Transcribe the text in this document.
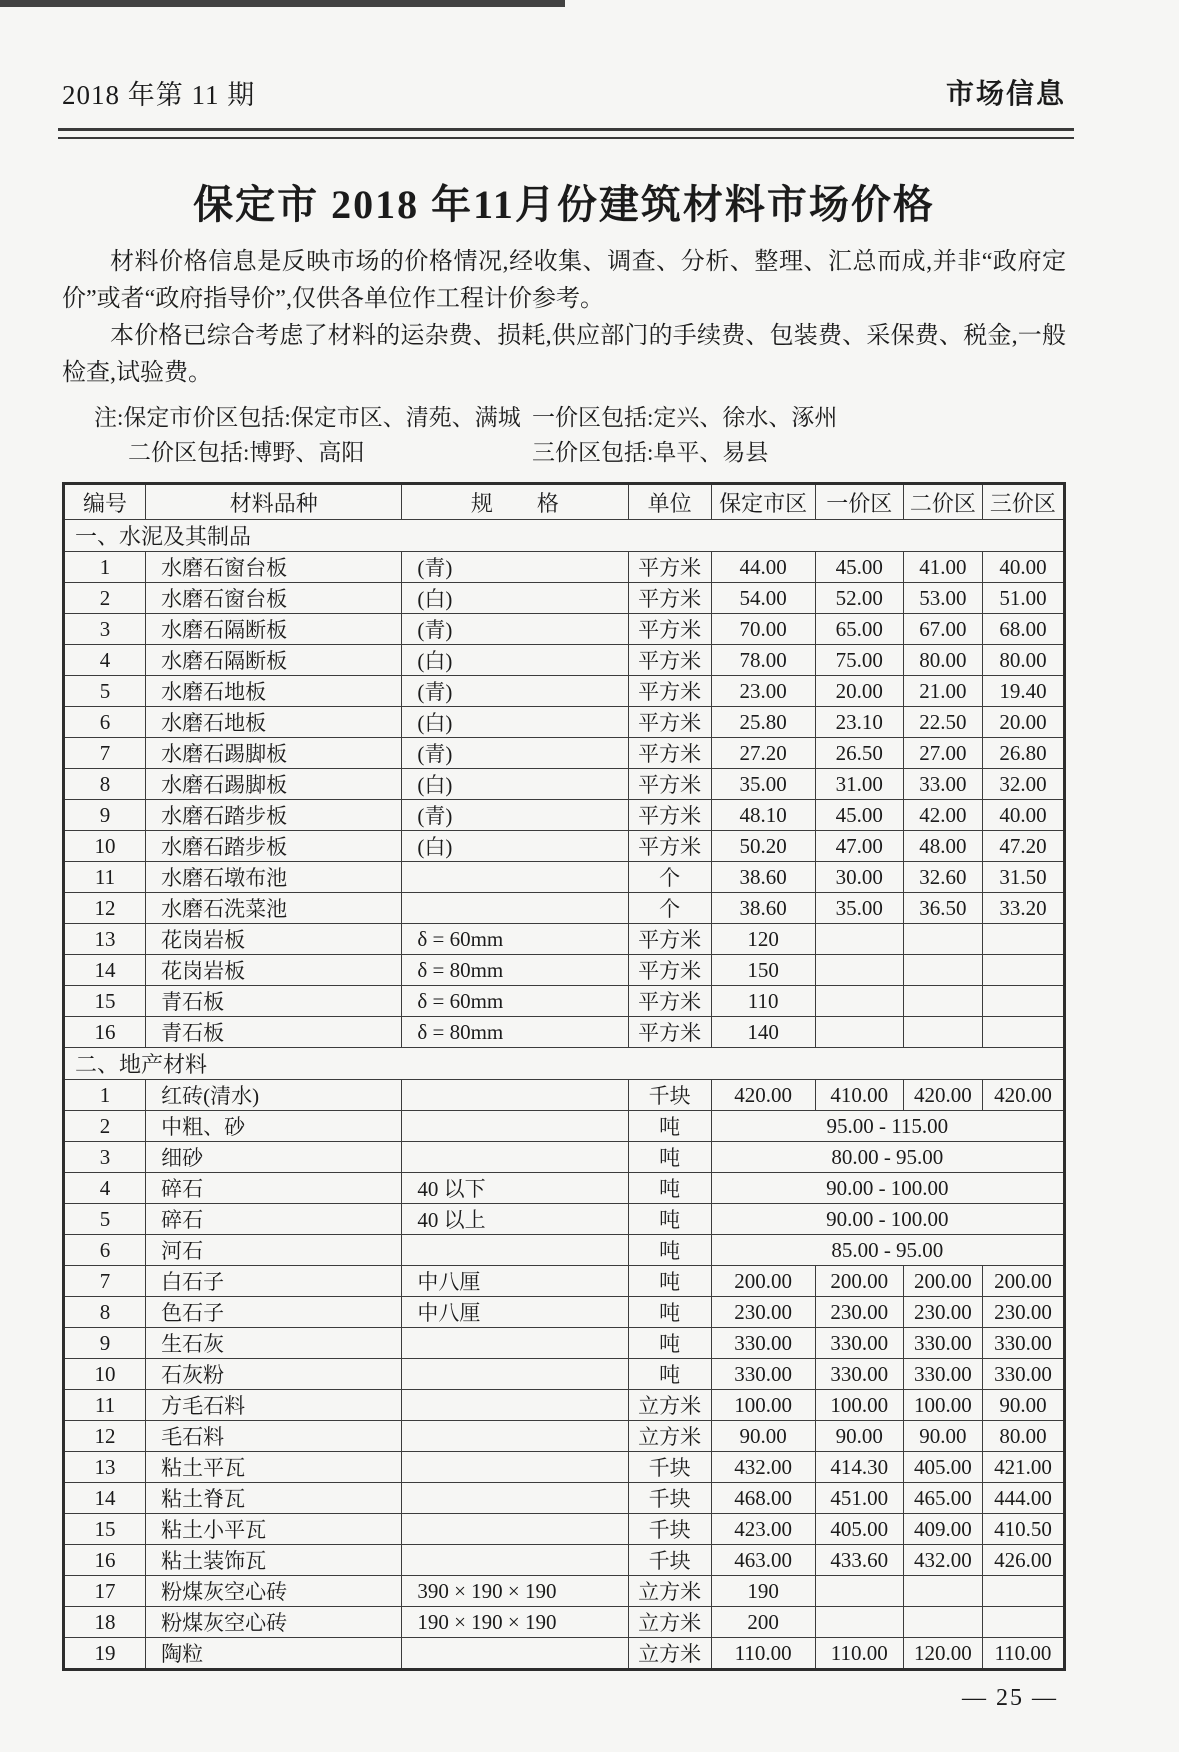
2018 年第 11 期	市场信息
保定市 2018 年11月份建筑材料市场价格

材料价格信息是反映市场的价格情况,经收集、调查、分析、整理、汇总而成,并非“政府定价”或者“政府指导价”,仅供各单位作工程计价参考。

本价格已综合考虑了材料的运杂费、损耗,供应部门的手续费、包装费、采保费、税金,一般检查,试验费。

注:保定市价区包括:保定市区、清苑、满城 一价区包括:定兴、徐水、涿州
二价区包括:博野、高阳	三价区包括:阜平、易县
编号	材料品种	规　　格	单位	保定市区	一价区	二价区	三价区
一、水泥及其制品							
1	水磨石窗台板	(青)	平方米	44.00	45.00	41.00	40.00
2	水磨石窗台板	(白)	平方米	54.00	52.00	53.00	51.00
3	水磨石隔断板	(青)	平方米	70.00	65.00	67.00	68.00
4	水磨石隔断板	(白)	平方米	78.00	75.00	80.00	80.00
5	水磨石地板	(青)	平方米	23.00	20.00	21.00	19.40
6	水磨石地板	(白)	平方米	25.80	23.10	22.50	20.00
7	水磨石踢脚板	(青)	平方米	27.20	26.50	27.00	26.80
8	水磨石踢脚板	(白)	平方米	35.00	31.00	33.00	32.00
9	水磨石踏步板	(青)	平方米	48.10	45.00	42.00	40.00
10	水磨石踏步板	(白)	平方米	50.20	47.00	48.00	47.20
11	水磨石墩布池		个	38.60	30.00	32.60	31.50
12	水磨石洗菜池		个	38.60	35.00	36.50	33.20
13	花岗岩板	δ = 60mm	平方米	120			
14	花岗岩板	δ = 80mm	平方米	150			
15	青石板	δ = 60mm	平方米	110			
16	青石板	δ = 80mm	平方米	140			
二、地产材料							
1	红砖(清水)		千块	420.00	410.00	420.00	420.00
2	中粗、砂		吨	95.00 - 115.00			
3	细砂		吨	80.00 - 95.00			
4	碎石	40 以下	吨	90.00 - 100.00			
5	碎石	40 以上	吨	90.00 - 100.00			
6	河石		吨	85.00 - 95.00			
7	白石子	中八厘	吨	200.00	200.00	200.00	200.00
8	色石子	中八厘	吨	230.00	230.00	230.00	230.00
9	生石灰		吨	330.00	330.00	330.00	330.00
10	石灰粉		吨	330.00	330.00	330.00	330.00
11	方毛石料		立方米	100.00	100.00	100.00	90.00
12	毛石料		立方米	90.00	90.00	90.00	80.00
13	粘土平瓦		千块	432.00	414.30	405.00	421.00
14	粘土脊瓦		千块	468.00	451.00	465.00	444.00
15	粘土小平瓦		千块	423.00	405.00	409.00	410.50
16	粘土装饰瓦		千块	463.00	433.60	432.00	426.00
17	粉煤灰空心砖	390 × 190 × 190	立方米	190			
18	粉煤灰空心砖	190 × 190 × 190	立方米	200			
19	陶粒		立方米	110.00	110.00	120.00	110.00
— 25 —
